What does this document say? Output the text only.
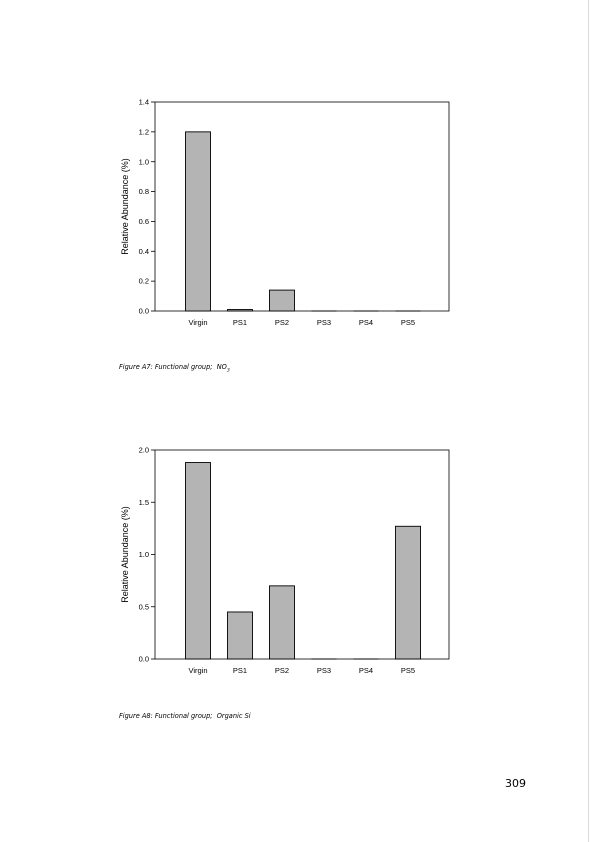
0.0
0.2
0.4
0.6
0.8
1.0
1.2
1.4
Virgin	PS1	PS2	PS3	PS4	PS5
Relative Abundance (%)
0.0
0.5
1.0
1.5
2.0
Virgin	PS1	PS2	PS3	PS4	PS5
Relative Abundance (%)
Figure A7: Functional group; $NO_3$
Figure A8: Functional group; Organic Si
309
